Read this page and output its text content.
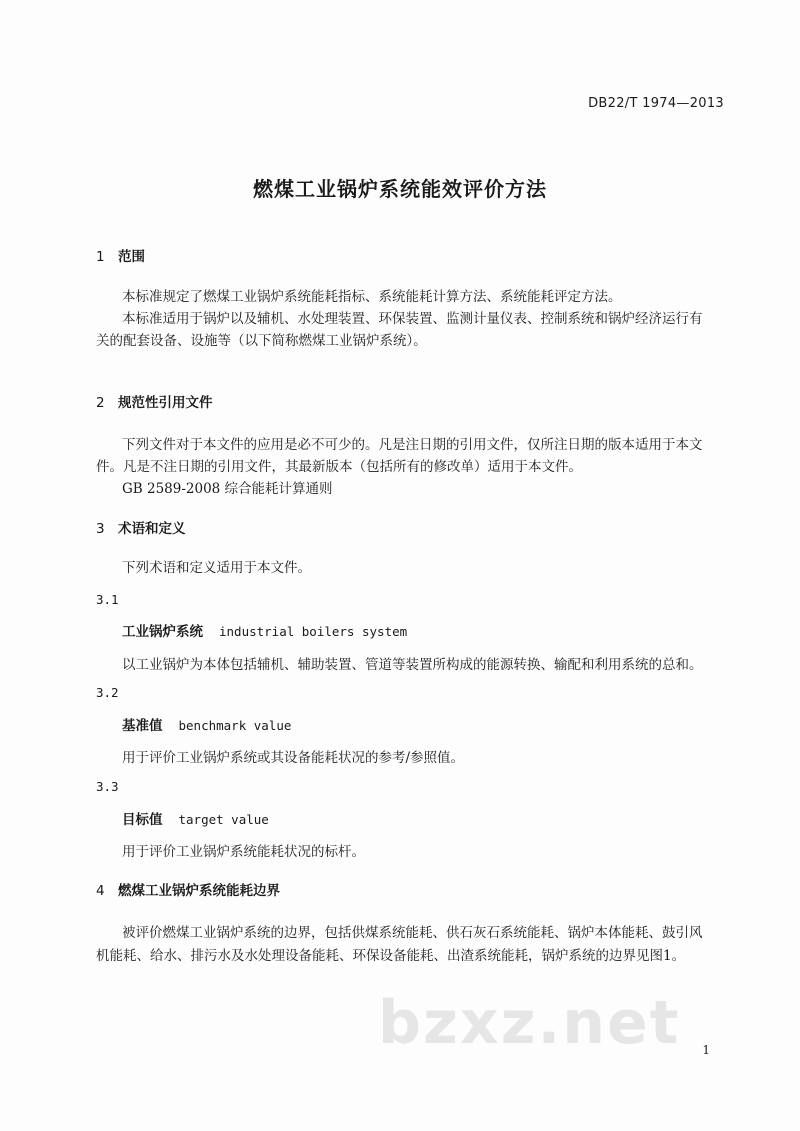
DB22/T 1974—2013
燃煤工业锅炉系统能效评价方法
1 范围
本标准规定了燃煤工业锅炉系统能耗指标、系统能耗计算方法、系统能耗评定方法。
本标准适用于锅炉以及辅机、水处理装置、环保装置、监测计量仪表、控制系统和锅炉经济运行有
关的配套设备、设施等（以下简称燃煤工业锅炉系统）。
2 规范性引用文件
下列文件对于本文件的应用是必不可少的。凡是注日期的引用文件，仅所注日期的版本适用于本文
件。凡是不注日期的引用文件，其最新版本（包括所有的修改单）适用于本文件。
GB 2589-2008 综合能耗计算通则
3 术语和定义
下列术语和定义适用于本文件。
3.1
工业锅炉系统 industrial boilers system
以工业锅炉为本体包括辅机、辅助装置、管道等装置所构成的能源转换、输配和利用系统的总和。
3.2
基准值 benchmark value
用于评价工业锅炉系统或其设备能耗状况的参考/参照值。
3.3
目标值 target value
用于评价工业锅炉系统能耗状况的标杆。
4 燃煤工业锅炉系统能耗边界
被评价燃煤工业锅炉系统的边界，包括供煤系统能耗、供石灰石系统能耗、锅炉本体能耗、鼓引风
机能耗、给水、排污水及水处理设备能耗、环保设备能耗、出渣系统能耗，锅炉系统的边界见图1。
bzxz.net 1
